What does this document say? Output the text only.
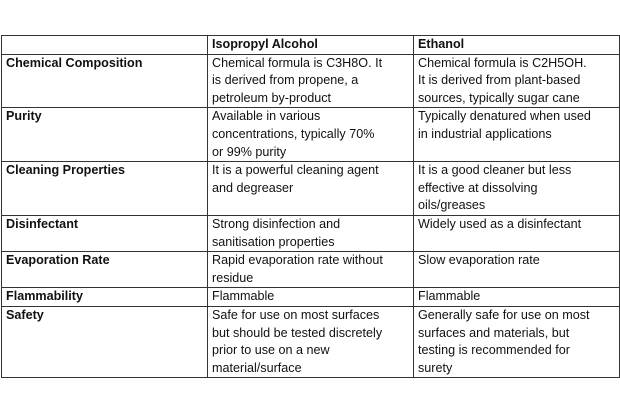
	Isopropyl Alcohol	Ethanol
Chemical Composition	Chemical formula is C3H8O. It
is derived from propene, a
petroleum by-product	Chemical formula is C2H5OH.
It is derived from plant-based
sources, typically sugar cane
Purity	Available in various
concentrations, typically 70%
or 99% purity	Typically denatured when used
in industrial applications
Cleaning Properties	It is a powerful cleaning agent
and degreaser	It is a good cleaner but less
effective at dissolving
oils/greases
Disinfectant	Strong disinfection and
sanitisation properties	Widely used as a disinfectant
Evaporation Rate	Rapid evaporation rate without
residue	Slow evaporation rate
Flammability	Flammable	Flammable
Safety	Safe for use on most surfaces
but should be tested discretely
prior to use on a new
material/surface	Generally safe for use on most
surfaces and materials, but
testing is recommended for
surety
